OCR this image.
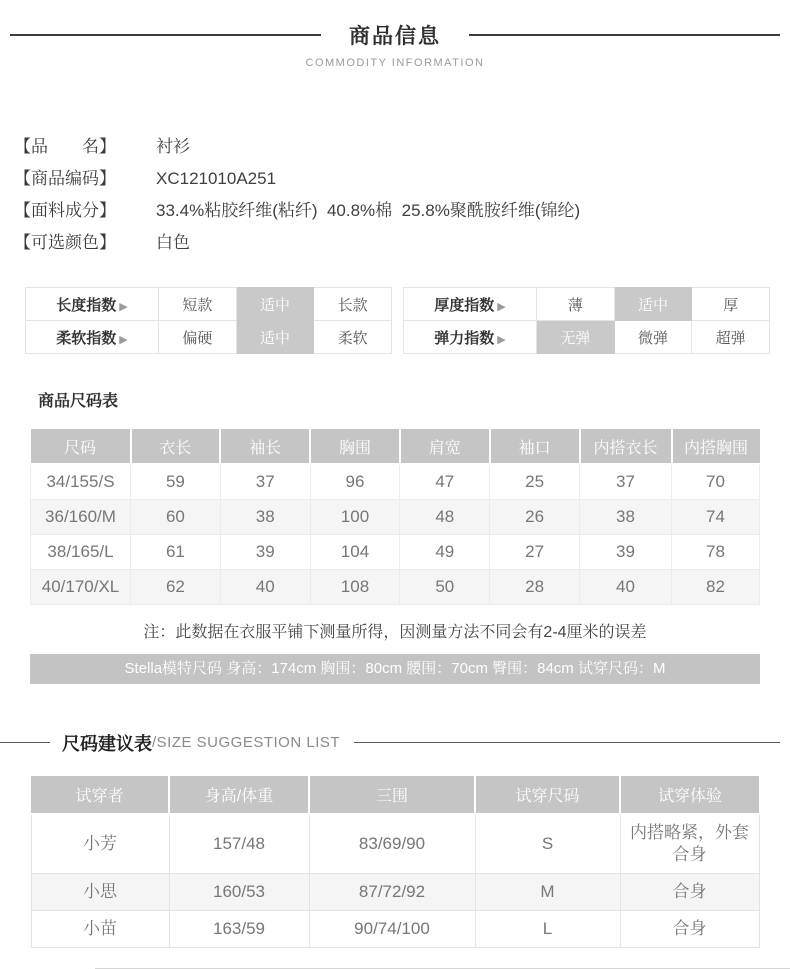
商品信息
COMMODITY INFORMATION
【品　　名】	衬衫
【商品编码】	XC121010A251
【面料成分】	33.4%粘胶纤维(粘纤)  40.8%棉  25.8%聚酰胺纤维(锦纶)
【可选颜色】	白色
长度指数 ▶	短款	适中	长款
柔软指数 ▶	偏硬	适中	柔软
厚度指数 ▶	薄	适中	厚
弹力指数 ▶	无弹	微弹	超弹
商品尺码表
尺码	衣长	袖长	胸围	肩宽	袖口	内搭衣长	内搭胸围
34/155/S	59	37	96	47	25	37	70
36/160/M	60	38	100	48	26	38	74
38/165/L	61	39	104	49	27	39	78
40/170/XL	62	40	108	50	28	40	82
注：此数据在衣服平铺下测量所得，因测量方法不同会有2-4厘米的误差
Stella模特尺码 身高：174cm 胸围：80cm 腰围：70cm 臀围：84cm 试穿尺码：M
尺码建议表 /SIZE SUGGESTION LIST
试穿者	身高/体重	三围	试穿尺码	试穿体验
小芳	157/48	83/69/90	S	内搭略紧，外套合身
小思	160/53	87/72/92	M	合身
小苗	163/59	90/74/100	L	合身
